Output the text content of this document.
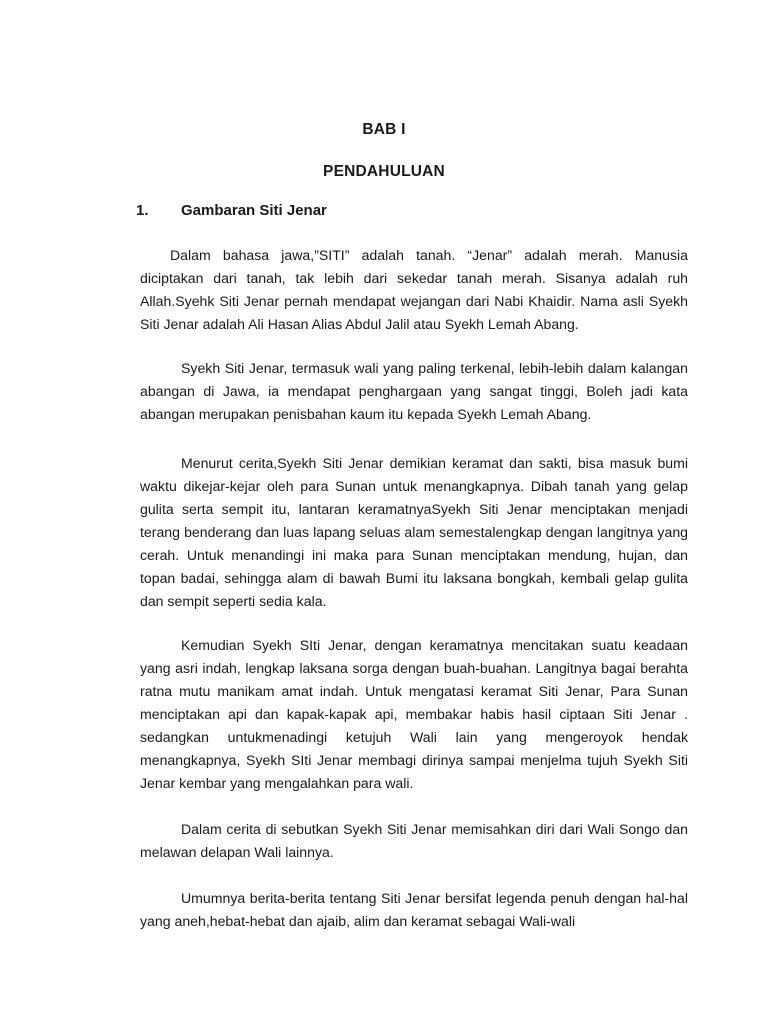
BAB I
PENDAHULUAN
1. Gambaran Siti Jenar

Dalam bahasa jawa,”SITI” adalah tanah. “Jenar” adalah merah. Manusia diciptakan dari tanah, tak lebih dari sekedar tanah merah. Sisanya adalah ruh Allah.Syehk Siti Jenar pernah mendapat wejangan dari Nabi Khaidir. Nama asli Syekh Siti Jenar adalah Ali Hasan Alias Abdul Jalil atau Syekh Lemah Abang.

Syekh Siti Jenar, termasuk wali yang paling terkenal, lebih-lebih dalam kalangan abangan di Jawa, ia mendapat penghargaan yang sangat tinggi, Boleh jadi kata abangan merupakan penisbahan kaum itu kepada Syekh Lemah Abang.

Menurut cerita,Syekh Siti Jenar demikian keramat dan sakti, bisa masuk bumi waktu dikejar-kejar oleh para Sunan untuk menangkapnya. Dibah tanah yang gelap gulita serta sempit itu, lantaran keramatnyaSyekh Siti Jenar menciptakan menjadi terang benderang dan luas lapang seluas alam semestalengkap dengan langitnya yang cerah. Untuk menandingi ini maka para Sunan menciptakan mendung, hujan, dan topan badai, sehingga alam di bawah Bumi itu laksana bongkah, kembali gelap gulita dan sempit seperti sedia kala.

Kemudian Syekh SIti Jenar, dengan keramatnya mencitakan suatu keadaan yang asri indah, lengkap laksana sorga dengan buah-buahan. Langitnya bagai berahta ratna mutu manikam amat indah. Untuk mengatasi keramat Siti Jenar, Para Sunan menciptakan api dan kapak-kapak api, membakar habis hasil ciptaan Siti Jenar . sedangkan untukmenadingi ketujuh Wali lain yang mengeroyok hendak menangkapnya, Syekh SIti Jenar membagi dirinya sampai menjelma tujuh Syekh Siti Jenar kembar yang mengalahkan para wali.

Dalam cerita di sebutkan Syekh Siti Jenar memisahkan diri dari Wali Songo dan melawan delapan Wali lainnya.

Umumnya berita-berita tentang Siti Jenar bersifat legenda penuh dengan hal-hal yang aneh,hebat-hebat dan ajaib, alim dan keramat sebagai Wali-wali
